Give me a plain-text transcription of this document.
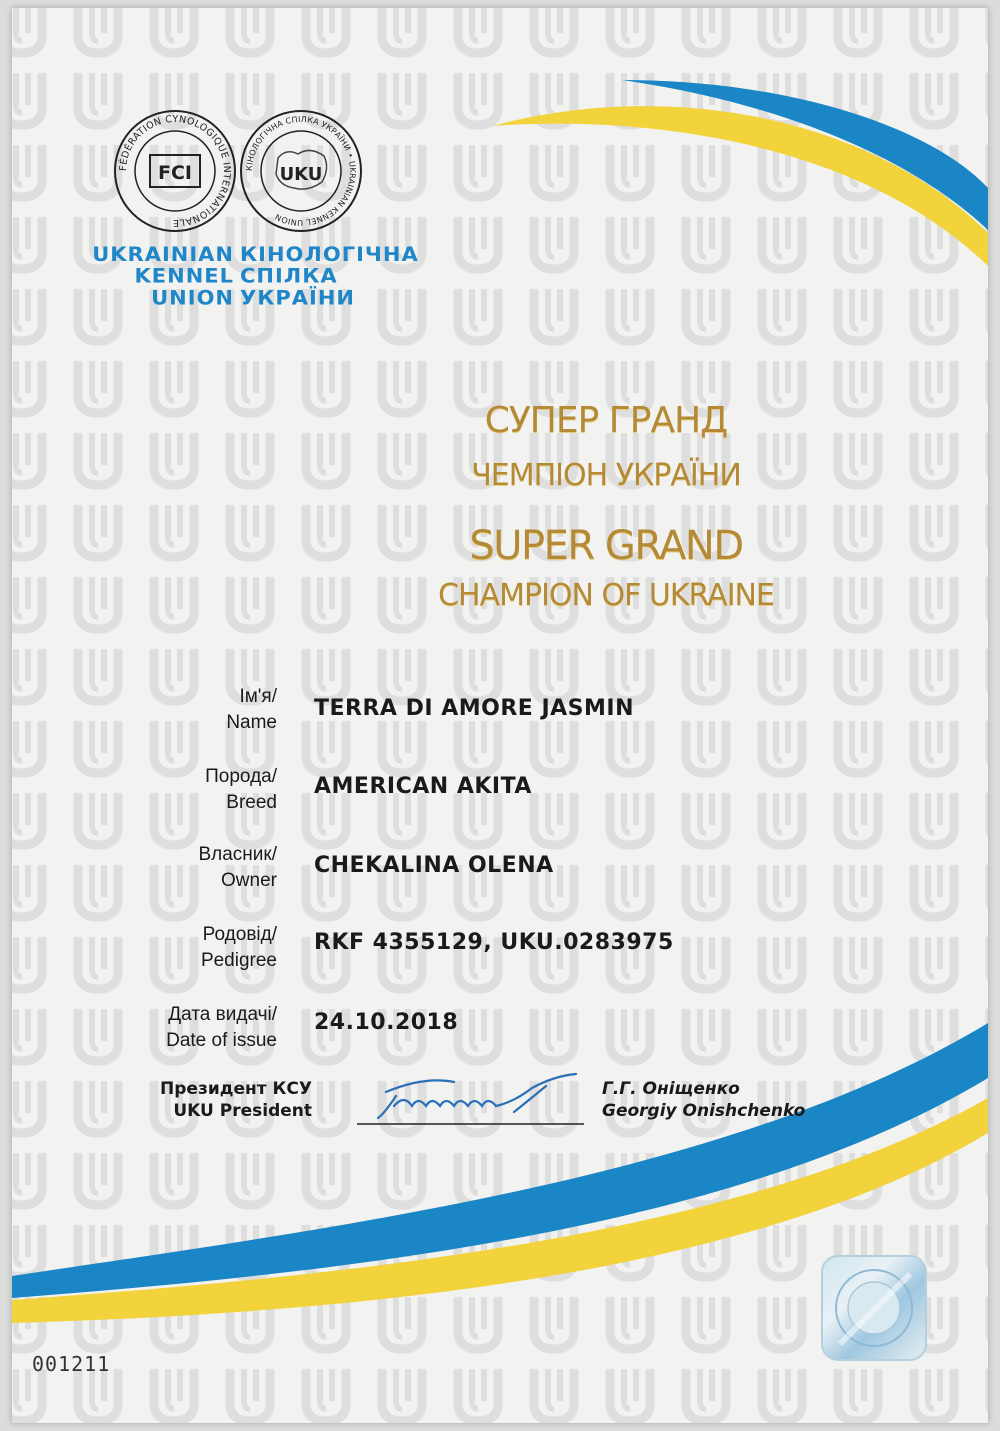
FÉDÉRATION CYNOLOGIQUE INTERNATIONALE
FCI	КІНОЛОГІЧНА СПІЛКА УКРАЇНИ • UKRAINIAN KENNEL UNION
UKU
UKRAINIAN
KENNEL
UNION
КІНОЛОГІЧНА
СПІЛКА
УКРАЇНИ
СУПЕР ГРАНД
ЧЕМПІОН УКРАЇНИ
SUPER GRAND
CHAMPION OF UKRAINE
Ім'я/
Name
TERRA DI AMORE JASMIN
Порода/
Breed
AMERICAN AKITA
Власник/
Owner
CHEKALINA OLENA
Родовід/
Pedigree
RKF 4355129, UKU.0283975
Дата видачі/
Date of issue
24.10.2018
Президент КСУ
UKU President
Г.Г. Оніщенко
Georgiy Onishchenko
001211
